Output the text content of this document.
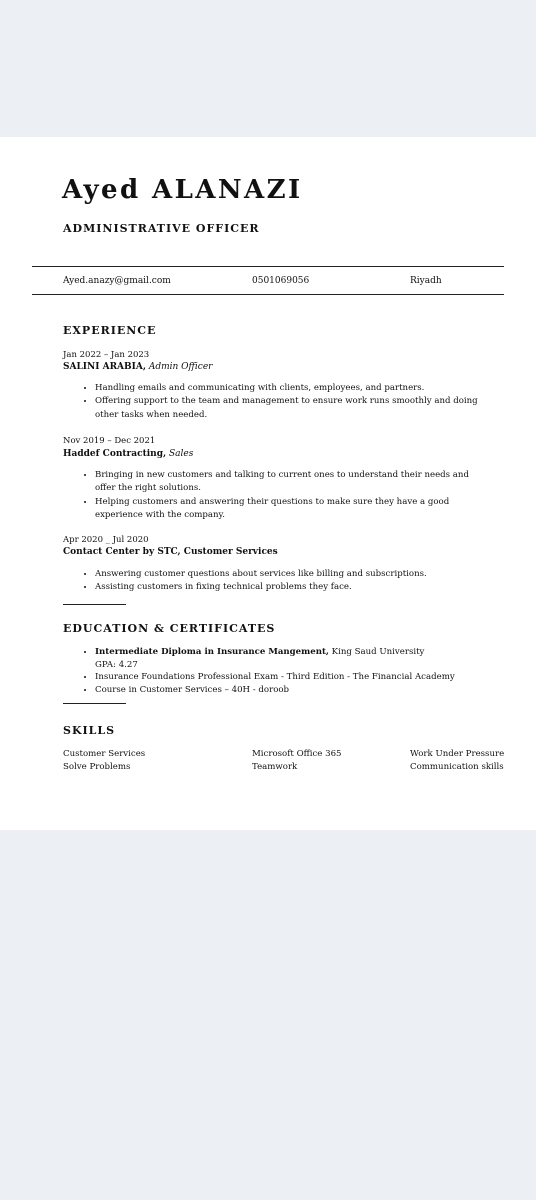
Ayed ALANAZI
ADMINISTRATIVE OFFICER
Ayed.anazy@gmail.com	0501069056	Riyadh
EXPERIENCE
Jan 2022 – Jan 2023
SALINI ARABIA, Admin Officer
• Handling emails and communicating with clients, employees, and partners.
• Offering support to the team and management to ensure work runs smoothly and doing other tasks when needed.
Nov 2019 – Dec 2021
Haddef Contracting, Sales
• Bringing in new customers and talking to current ones to understand their needs and offer the right solutions.
• Helping customers and answering their questions to make sure they have a good experience with the company.
Apr 2020 _ Jul 2020
Contact Center by STC, Customer Services
• Answering customer questions about services like billing and subscriptions.
• Assisting customers in fixing technical problems they face.
EDUCATION & CERTIFICATES
• Intermediate Diploma in Insurance Mangement, King Saud University
GPA: 4.27
• Insurance Foundations Professional Exam - Third Edition - The Financial Academy
• Course in Customer Services – 40H - doroob
SKILLS
Customer Services
Solve Problems
Microsoft Office 365
Teamwork
Work Under Pressure
Communication skills
